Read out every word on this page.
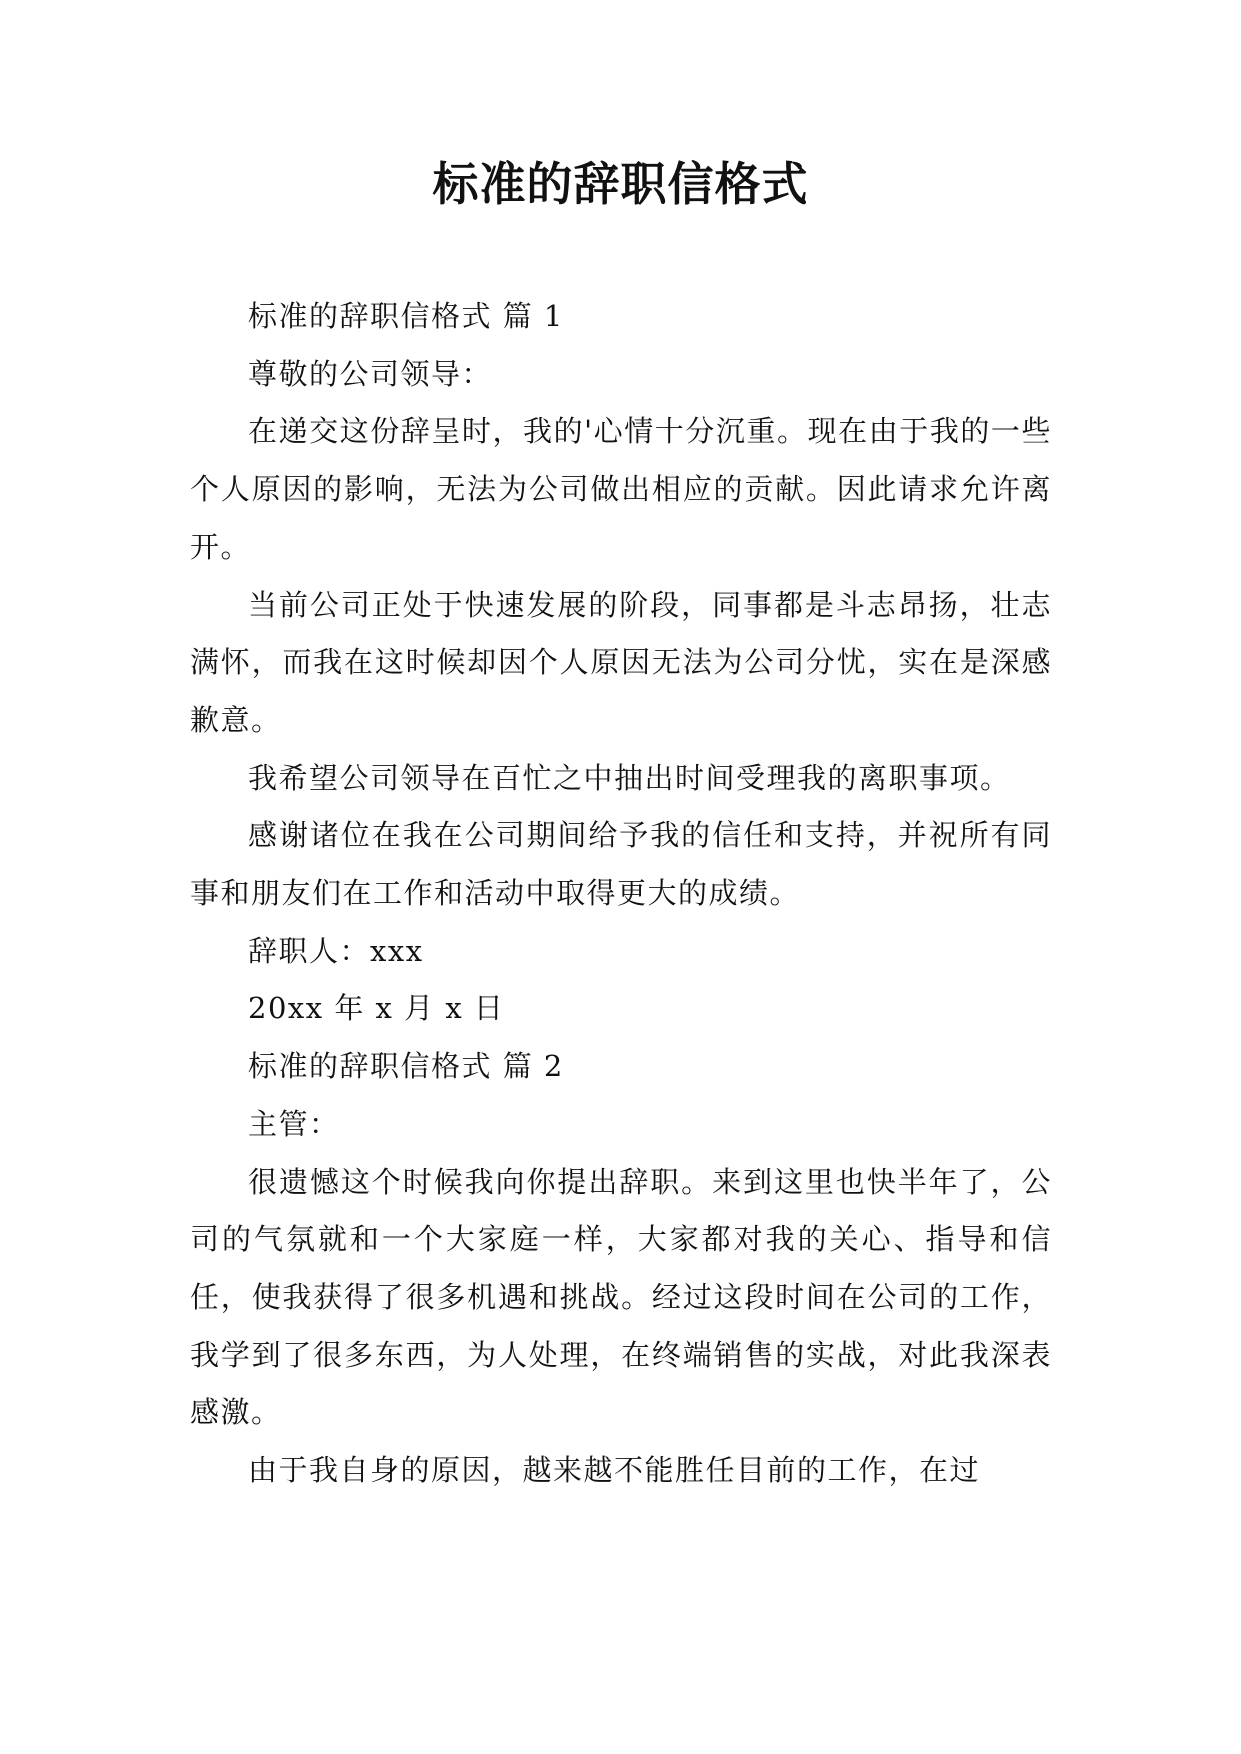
标准的辞职信格式

标准的辞职信格式 篇 1

尊敬的公司领导：

在递交这份辞呈时，我的'心情十分沉重。现在由于我的一些个人原因的影响，无法为公司做出相应的贡献。因此请求允许离开。

当前公司正处于快速发展的阶段，同事都是斗志昂扬，壮志满怀，而我在这时候却因个人原因无法为公司分忧，实在是深感歉意。

我希望公司领导在百忙之中抽出时间受理我的离职事项。

感谢诸位在我在公司期间给予我的信任和支持，并祝所有同事和朋友们在工作和活动中取得更大的成绩。

辞职人：xxx

20xx 年 x 月 x 日

标准的辞职信格式 篇 2

主管：

很遗憾这个时候我向你提出辞职。来到这里也快半年了，公司的气氛就和一个大家庭一样，大家都对我的关心、指导和信任，使我获得了很多机遇和挑战。经过这段时间在公司的工作，我学到了很多东西，为人处理，在终端销售的实战，对此我深表感激。

由于我自身的原因，越来越不能胜任目前的工作，在过
